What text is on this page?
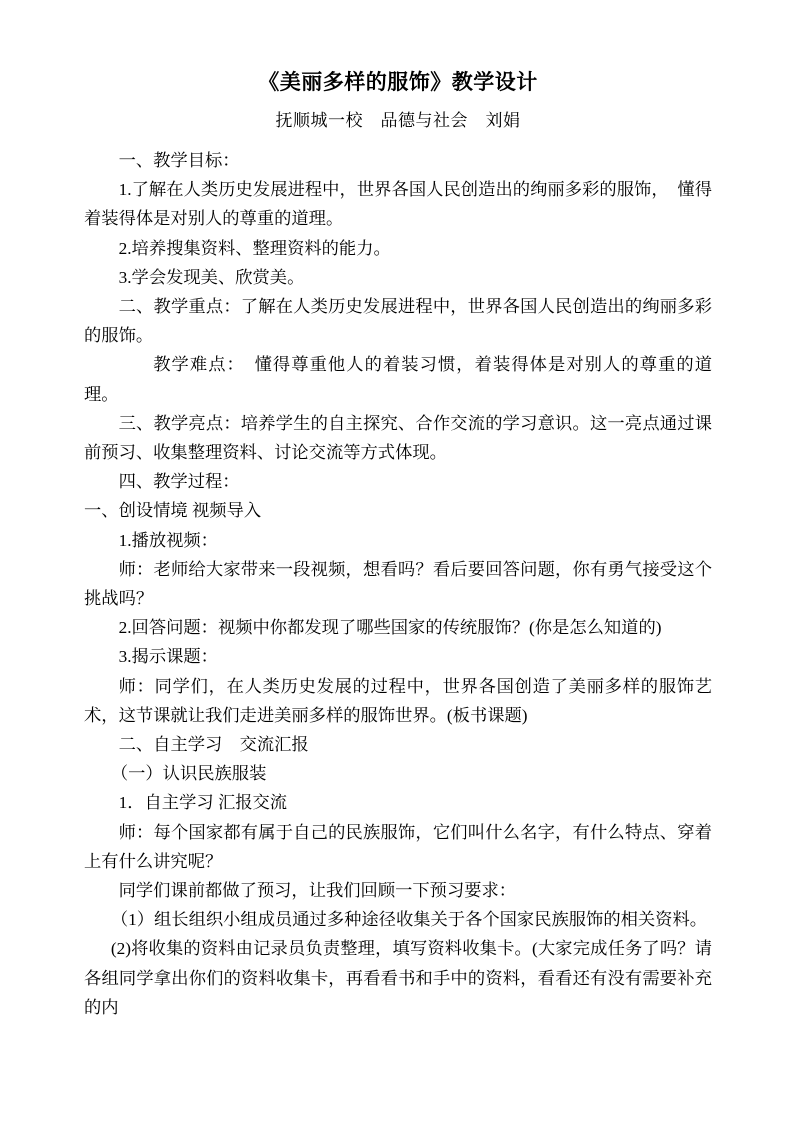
《美丽多样的服饰》教学设计
抚顺城一校　品德与社会　刘娟

一、教学目标：

1.了解在人类历史发展进程中，世界各国人民创造出的绚丽多彩的服饰，　懂得着装得体是对别人的尊重的道理。

2.培养搜集资料、整理资料的能力。

3.学会发现美、欣赏美。

二、教学重点：了解在人类历史发展进程中，世界各国人民创造出的绚丽多彩的服饰。

教学难点：　懂得尊重他人的着装习惯，着装得体是对别人的尊重的道理。

三、教学亮点：培养学生的自主探究、合作交流的学习意识。这一亮点通过课前预习、收集整理资料、讨论交流等方式体现。

四、教学过程：

一、创设情境 视频导入

1.播放视频：

师：老师给大家带来一段视频，想看吗？看后要回答问题，你有勇气接受这个挑战吗？

2.回答问题：视频中你都发现了哪些国家的传统服饰？(你是怎么知道的)

3.揭示课题：

师：同学们，在人类历史发展的过程中，世界各国创造了美丽多样的服饰艺术，这节课就让我们走进美丽多样的服饰世界。(板书课题)

二、自主学习　交流汇报

（一）认识民族服装

1．自主学习 汇报交流

师：每个国家都有属于自己的民族服饰，它们叫什么名字，有什么特点、穿着上有什么讲究呢？

同学们课前都做了预习，让我们回顾一下预习要求：

（1）组长组织小组成员通过多种途径收集关于各个国家民族服饰的相关资料。

(2)将收集的资料由记录员负责整理，填写资料收集卡。(大家完成任务了吗？请各组同学拿出你们的资料收集卡，再看看书和手中的资料，看看还有没有需要补充的内
